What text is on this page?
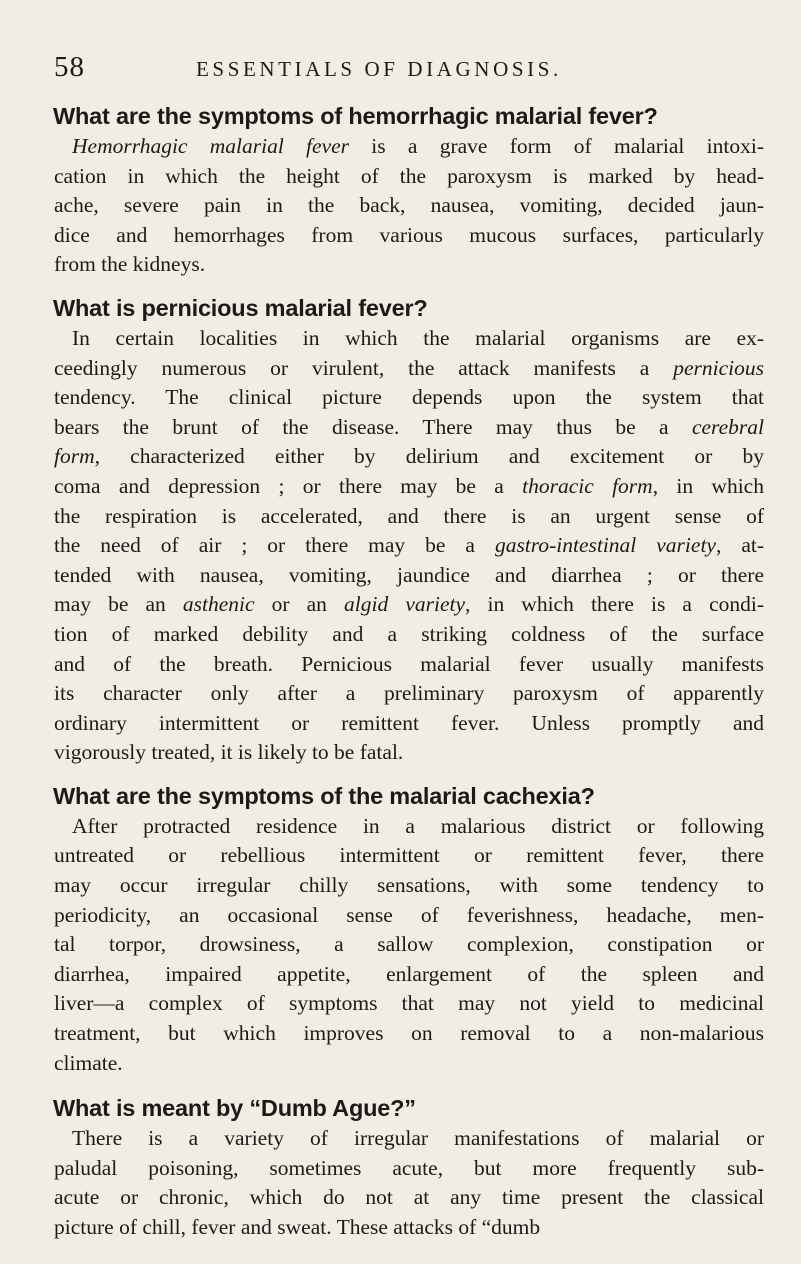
58	ESSENTIALS OF DIAGNOSIS.
What are the symptoms of hemorrhagic malarial fever?

Hemorrhagic malarial fever is a grave form of malarial intoxi-
cation in which the height of the paroxysm is marked by head-
ache, severe pain in the back, nausea, vomiting, decided jaun-
dice and hemorrhages from various mucous surfaces, particularly
from the kidneys.

What is pernicious malarial fever?

In certain localities in which the malarial organisms are ex-
ceedingly numerous or virulent, the attack manifests a pernicious
tendency. The clinical picture depends upon the system that
bears the brunt of the disease. There may thus be a cerebral
form, characterized either by delirium and excitement or by
coma and depression ; or there may be a thoracic form, in which
the respiration is accelerated, and there is an urgent sense of
the need of air ; or there may be a gastro-intestinal variety, at-
tended with nausea, vomiting, jaundice and diarrhea ; or there
may be an asthenic or an algid variety, in which there is a condi-
tion of marked debility and a striking coldness of the surface
and of the breath. Pernicious malarial fever usually manifests
its character only after a preliminary paroxysm of apparently
ordinary intermittent or remittent fever. Unless promptly and
vigorously treated, it is likely to be fatal.

What are the symptoms of the malarial cachexia?

After protracted residence in a malarious district or following
untreated or rebellious intermittent or remittent fever, there
may occur irregular chilly sensations, with some tendency to
periodicity, an occasional sense of feverishness, headache, men-
tal torpor, drowsiness, a sallow complexion, constipation or
diarrhea, impaired appetite, enlargement of the spleen and
liver—a complex of symptoms that may not yield to medicinal
treatment, but which improves on removal to a non-malarious
climate.

What is meant by “Dumb Ague?”

There is a variety of irregular manifestations of malarial or
paludal poisoning, sometimes acute, but more frequently sub-
acute or chronic, which do not at any time present the classical
picture of chill, fever and sweat. These attacks of “dumb
